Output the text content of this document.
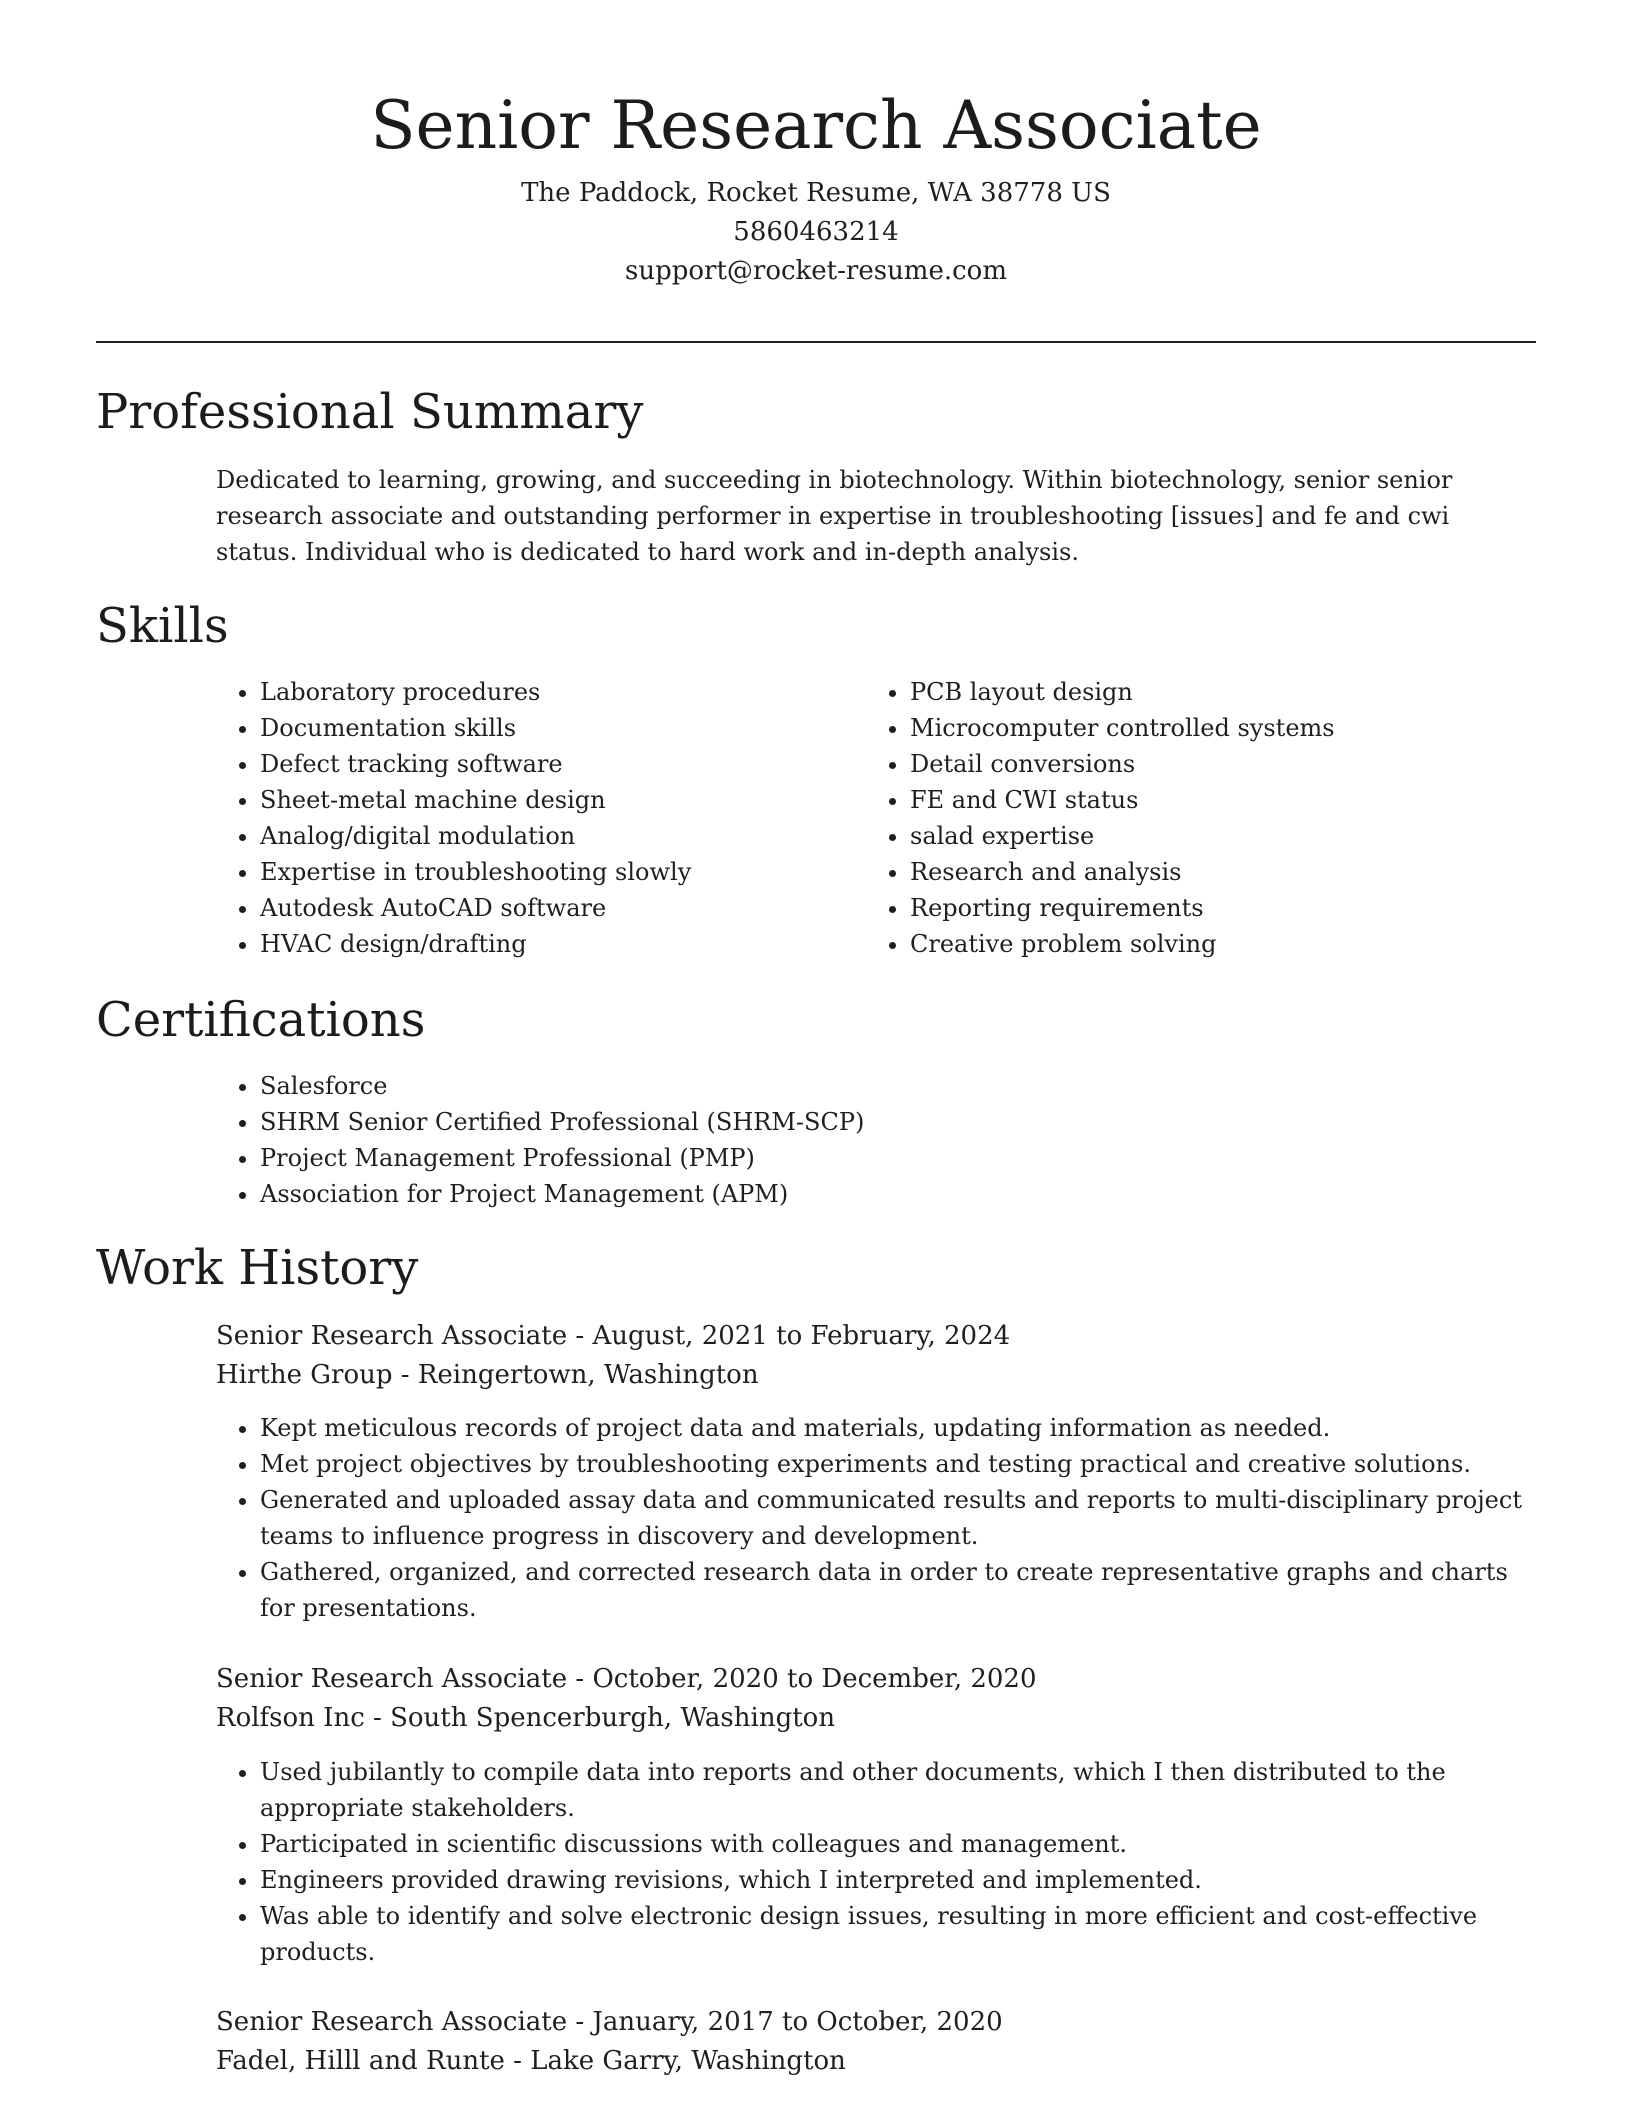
Senior Research Associate

The Paddock, Rocket Resume, WA 38778 US

5860463214

support@rocket-resume.com

Professional Summary

Dedicated to learning, growing, and succeeding in biotechnology. Within biotechnology, senior senior research associate and outstanding performer in expertise in troubleshooting [issues] and fe and cwi status. Individual who is dedicated to hard work and in-depth analysis.

Skills
• Laboratory procedures
• Documentation skills
• Defect tracking software
• Sheet-metal machine design
• Analog/digital modulation
• Expertise in troubleshooting slowly
• Autodesk AutoCAD software
• HVAC design/drafting
• PCB layout design
• Microcomputer controlled systems
• Detail conversions
• FE and CWI status
• salad expertise
• Research and analysis
• Reporting requirements
• Creative problem solving
Certifications
• Salesforce
• SHRM Senior Certified Professional (SHRM-SCP)
• Project Management Professional (PMP)
• Association for Project Management (APM)
Work History

Senior Research Associate - August, 2021 to February, 2024

Hirthe Group - Reingertown, Washington

• Kept meticulous records of project data and materials, updating information as needed.
• Met project objectives by troubleshooting experiments and testing practical and creative solutions.
• Generated and uploaded assay data and communicated results and reports to multi-disciplinary project teams to influence progress in discovery and development.
• Gathered, organized, and corrected research data in order to create representative graphs and charts for presentations.

Senior Research Associate - October, 2020 to December, 2020

Rolfson Inc - South Spencerburgh, Washington

• Used jubilantly to compile data into reports and other documents, which I then distributed to the appropriate stakeholders.
• Participated in scientific discussions with colleagues and management.
• Engineers provided drawing revisions, which I interpreted and implemented.
• Was able to identify and solve electronic design issues, resulting in more efficient and cost-effective products.

Senior Research Associate - January, 2017 to October, 2020

Fadel, Hilll and Runte - Lake Garry, Washington
